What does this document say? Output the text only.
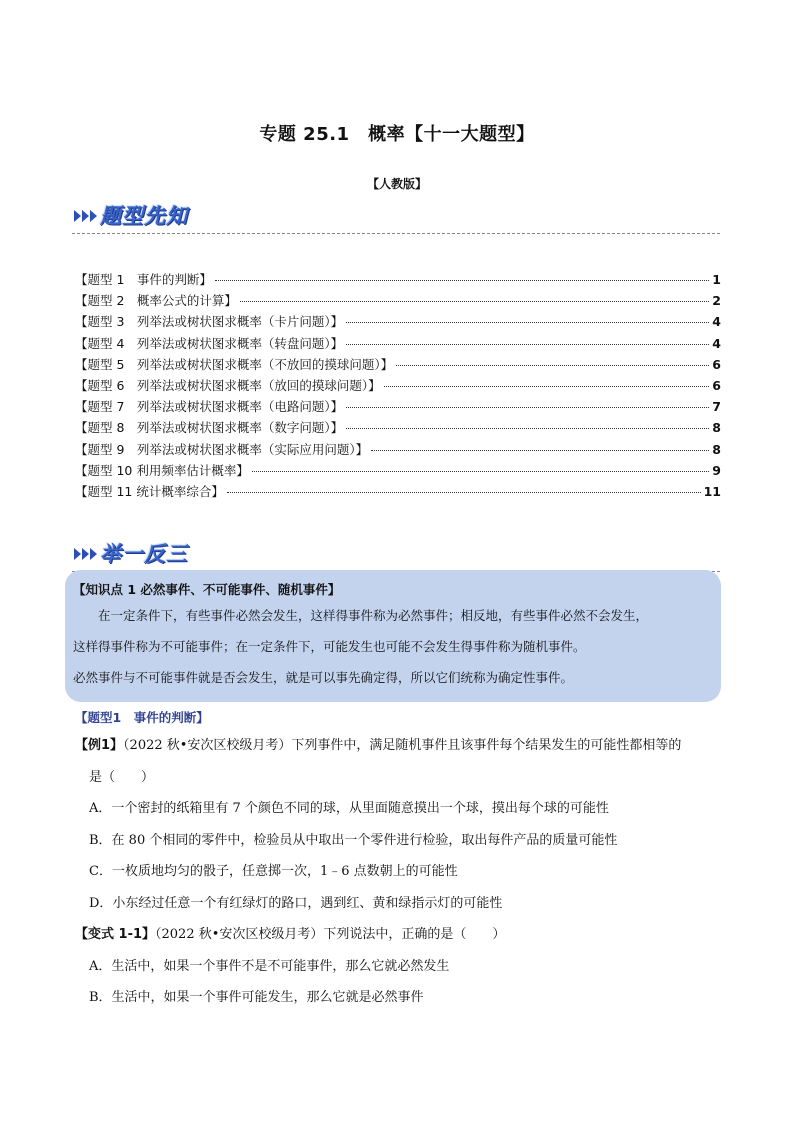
专题 25.1　概率【十一大题型】
【人教版】
题型先知
【题型 1　事件的判断】	1
【题型 2　概率公式的计算】	2
【题型 3　列举法或树状图求概率（卡片问题）】	4
【题型 4　列举法或树状图求概率（转盘问题）】	4
【题型 5　列举法或树状图求概率（不放回的摸球问题）】	6
【题型 6　列举法或树状图求概率（放回的摸球问题）】	6
【题型 7　列举法或树状图求概率（电路问题）】	7
【题型 8　列举法或树状图求概率（数字问题）】	8
【题型 9　列举法或树状图求概率（实际应用问题）】	8
【题型 10 利用频率估计概率】	9
【题型 11 统计概率综合】	11
举一反三
【知识点 1 必然事件、不可能事件、随机事件】

在一定条件下，有些事件必然会发生，这样得事件称为必然事件；相反地，有些事件必然不会发生，

这样得事件称为不可能事件；在一定条件下，可能发生也可能不会发生得事件称为随机事件。

必然事件与不可能事件就是否会发生，就是可以事先确定得，所以它们统称为确定性事件。

【题型1　事件的判断】
【例1】（2022 秋•安次区校级月考）下列事件中，满足随机事件且该事件每个结果发生的可能性都相等的
是（　　）
A．一个密封的纸箱里有 7 个颜色不同的球，从里面随意摸出一个球，摸出每个球的可能性
B．在 80 个相同的零件中，检验员从中取出一个零件进行检验，取出每件产品的质量可能性
C．一枚质地均匀的骰子，任意掷一次，1﹣6 点数朝上的可能性
D．小东经过任意一个有红绿灯的路口，遇到红、黄和绿指示灯的可能性
【变式 1-1】（2022 秋•安次区校级月考）下列说法中，正确的是（　　）
A．生活中，如果一个事件不是不可能事件，那么它就必然发生
B．生活中，如果一个事件可能发生，那么它就是必然事件
